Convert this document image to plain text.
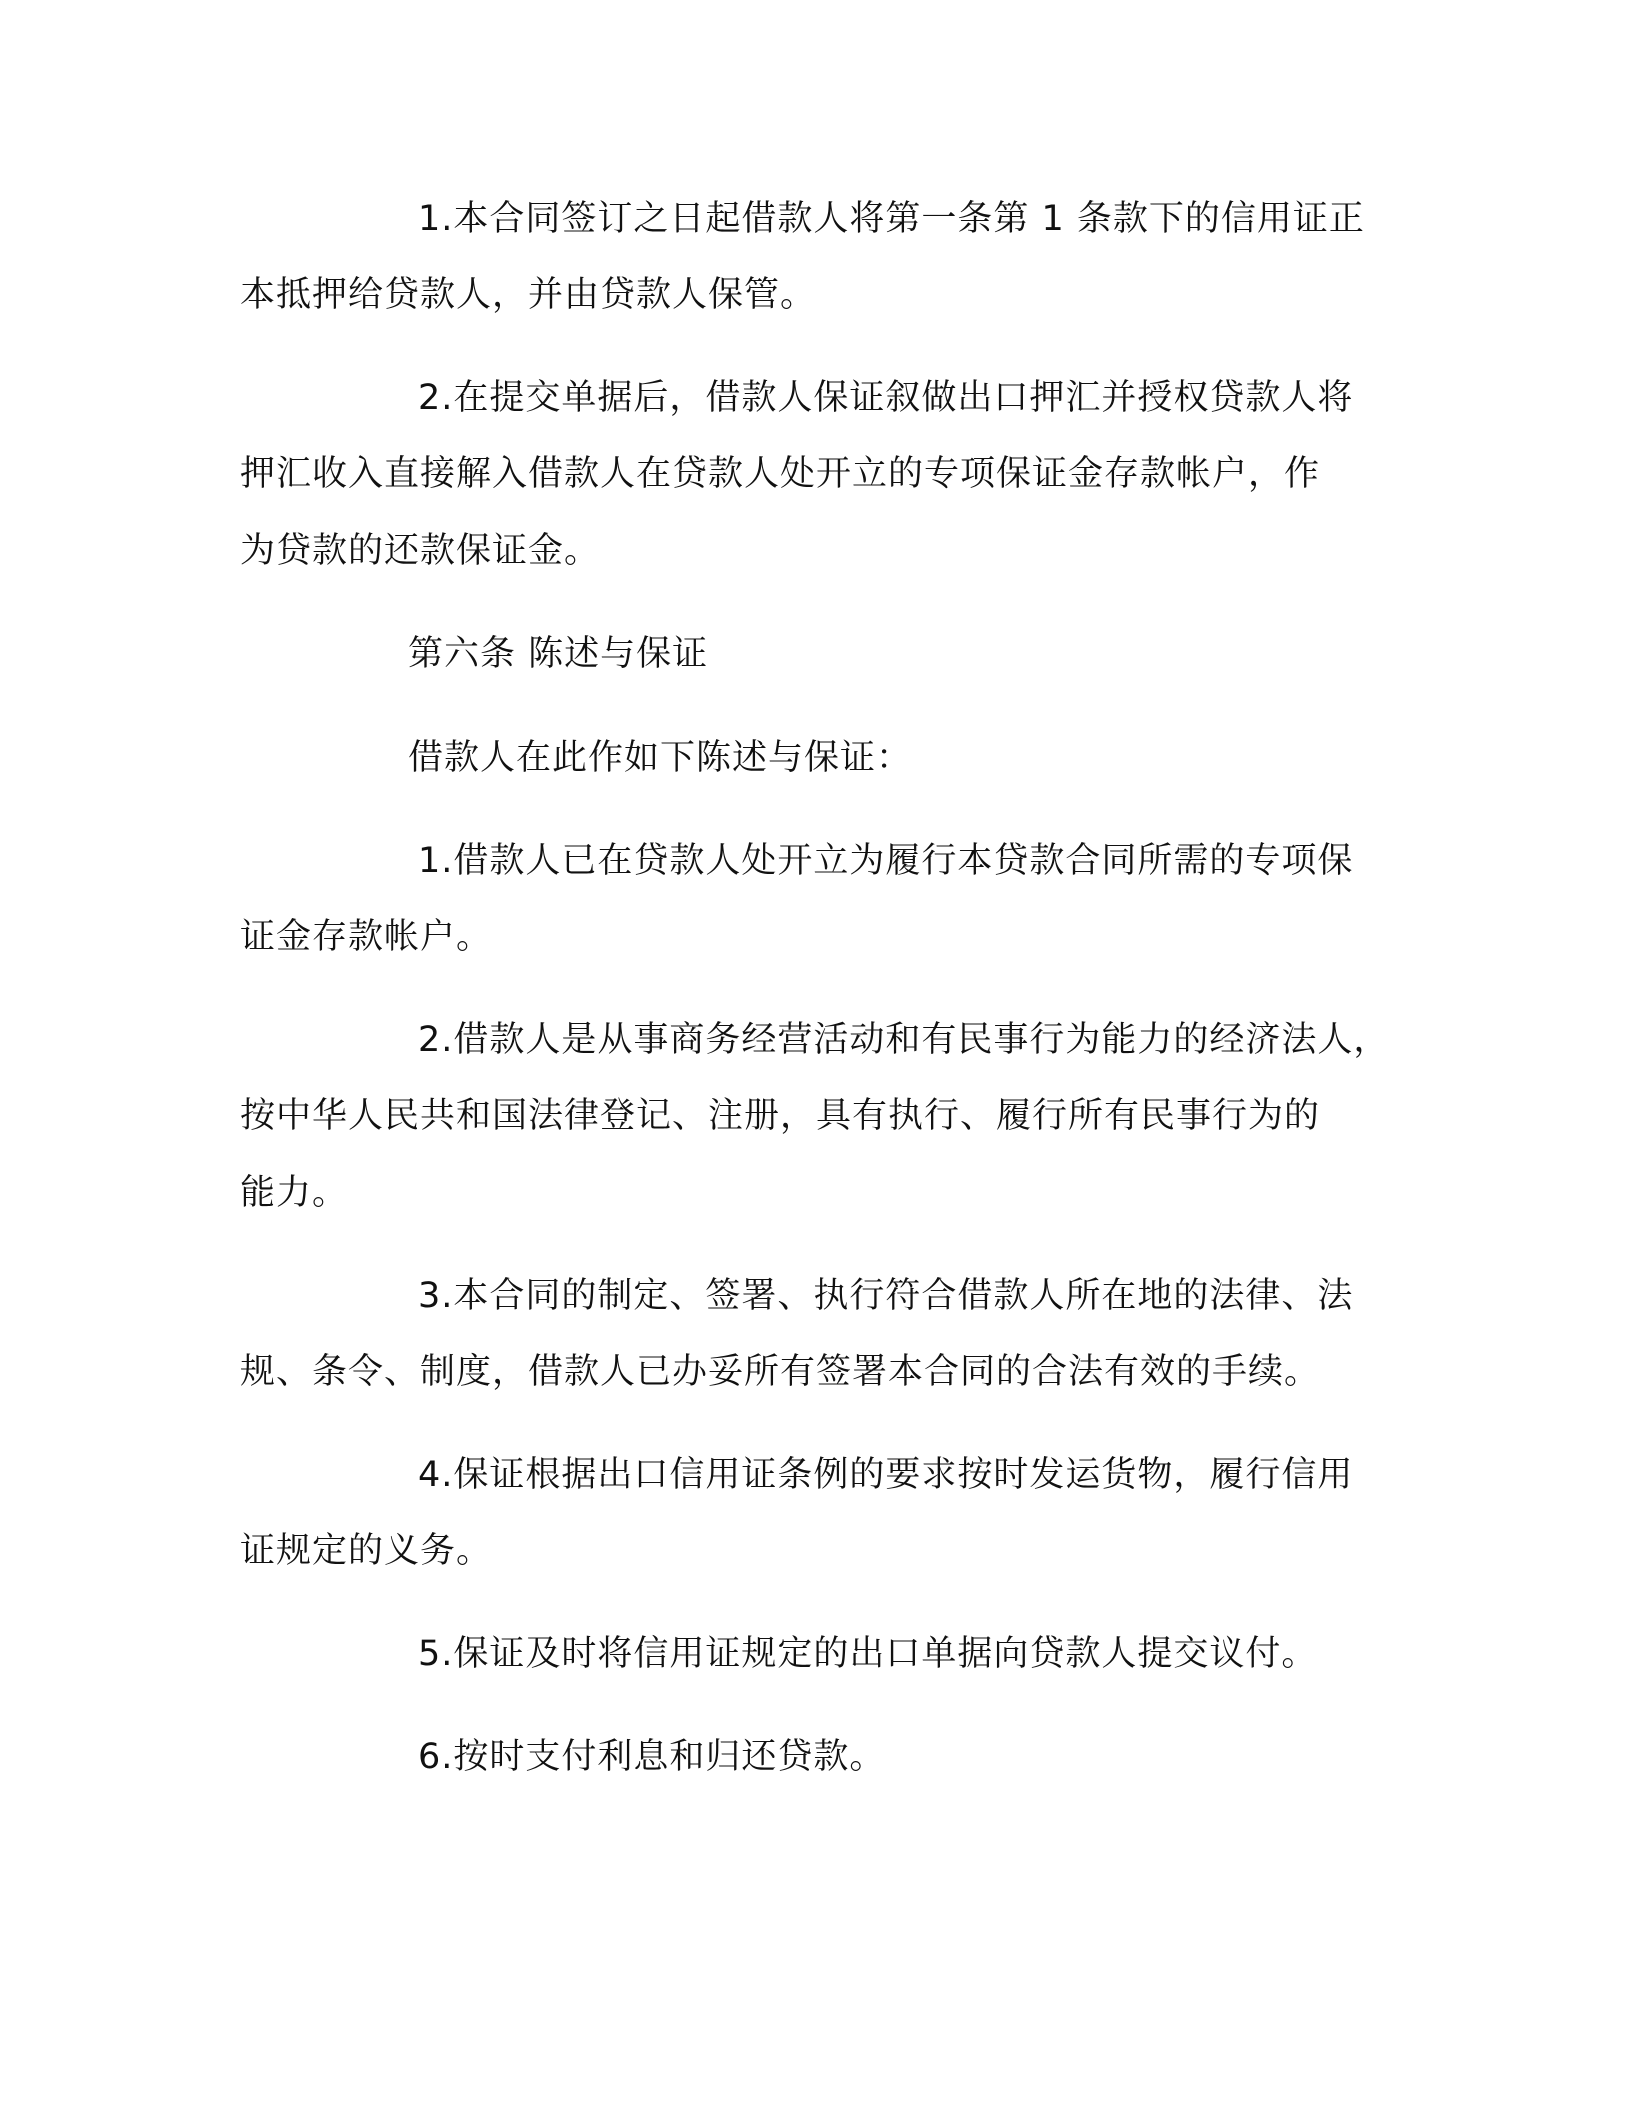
1.本合同签订之日起借款人将第一条第 1 条款下的信用证正
本抵押给贷款人，并由贷款人保管。
2.在提交单据后，借款人保证叙做出口押汇并授权贷款人将
押汇收入直接解入借款人在贷款人处开立的专项保证金存款帐户，作
为贷款的还款保证金。
第六条 陈述与保证
借款人在此作如下陈述与保证：
1.借款人已在贷款人处开立为履行本贷款合同所需的专项保
证金存款帐户。
2.借款人是从事商务经营活动和有民事行为能力的经济法人，
按中华人民共和国法律登记、注册，具有执行、履行所有民事行为的
能力。
3.本合同的制定、签署、执行符合借款人所在地的法律、法
规、条令、制度，借款人已办妥所有签署本合同的合法有效的手续。
4.保证根据出口信用证条例的要求按时发运货物，履行信用
证规定的义务。
5.保证及时将信用证规定的出口单据向贷款人提交议付。
6.按时支付利息和归还贷款。
